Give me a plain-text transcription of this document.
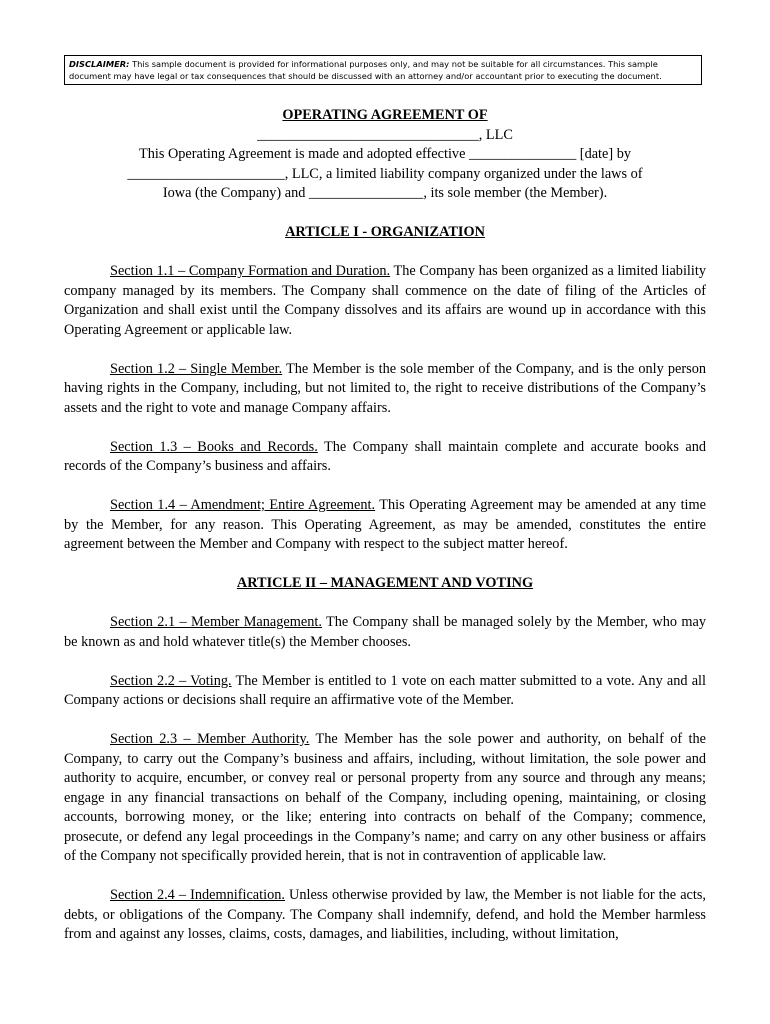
DISCLAIMER: This sample document is provided for informational purposes only, and may not be suitable for all circumstances. This sample document may have legal or tax consequences that should be discussed with an attorney and/or accountant prior to executing the document.
OPERATING AGREEMENT OF
_______________________________, LLC
This Operating Agreement is made and adopted effective _______________ [date] by
______________________, LLC, a limited liability company organized under the laws of
Iowa (the Company) and ________________, its sole member (the Member).
ARTICLE I - ORGANIZATION

Section 1.1 – Company Formation and Duration. The Company has been organized as a limited liability company managed by its members. The Company shall commence on the date of filing of the Articles of Organization and shall exist until the Company dissolves and its affairs are wound up in accordance with this Operating Agreement or applicable law.

Section 1.2 – Single Member. The Member is the sole member of the Company, and is the only person having rights in the Company, including, but not limited to, the right to receive distributions of the Company’s assets and the right to vote and manage Company affairs.

Section 1.3 – Books and Records. The Company shall maintain complete and accurate books and records of the Company’s business and affairs.

Section 1.4 – Amendment; Entire Agreement. This Operating Agreement may be amended at any time by the Member, for any reason. This Operating Agreement, as may be amended, constitutes the entire agreement between the Member and Company with respect to the subject matter hereof.

ARTICLE II – MANAGEMENT AND VOTING

Section 2.1 – Member Management. The Company shall be managed solely by the Member, who may be known as and hold whatever title(s) the Member chooses.

Section 2.2 – Voting. The Member is entitled to 1 vote on each matter submitted to a vote. Any and all Company actions or decisions shall require an affirmative vote of the Member.

Section 2.3 – Member Authority. The Member has the sole power and authority, on behalf of the Company, to carry out the Company’s business and affairs, including, without limitation, the sole power and authority to acquire, encumber, or convey real or personal property from any source and through any means; engage in any financial transactions on behalf of the Company, including opening, maintaining, or closing accounts, borrowing money, or the like; entering into contracts on behalf of the Company; commence, prosecute, or defend any legal proceedings in the Company’s name; and carry on any other business or affairs of the Company not specifically provided herein, that is not in contravention of applicable law.

Section 2.4 – Indemnification. Unless otherwise provided by law, the Member is not liable for the acts, debts, or obligations of the Company. The Company shall indemnify, defend, and hold the Member harmless from and against any losses, claims, costs, damages, and liabilities, including, without limitation,
